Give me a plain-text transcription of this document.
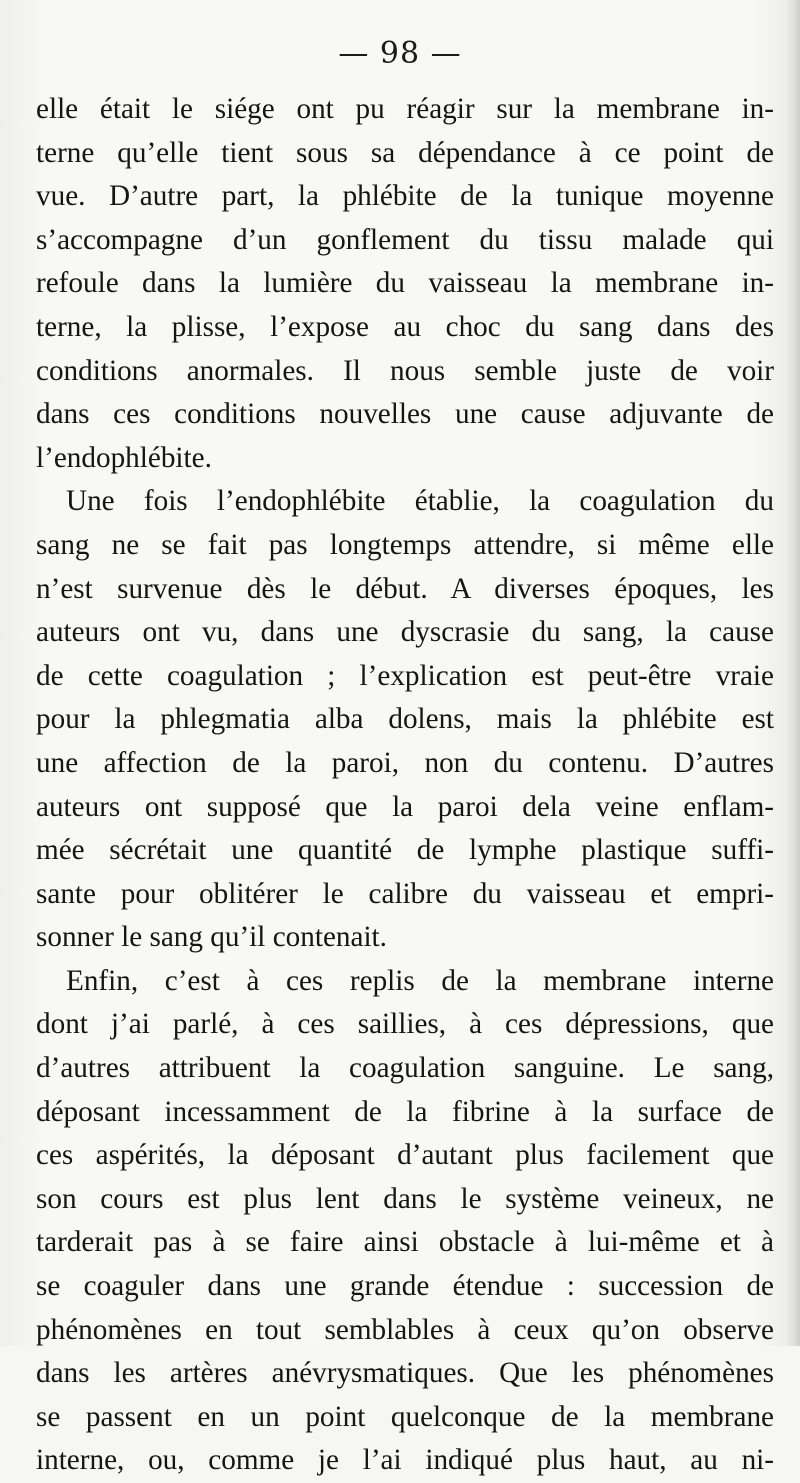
— 98 —
elle était le siége ont pu réagir sur la membrane in-
terne qu’elle tient sous sa dépendance à ce point de
vue. D’autre part, la phlébite de la tunique moyenne
s’accompagne d’un gonflement du tissu malade qui
refoule dans la lumière du vaisseau la membrane in-
terne, la plisse, l’expose au choc du sang dans des
conditions anormales. Il nous semble juste de voir
dans ces conditions nouvelles une cause adjuvante de
l’endophlébite.
Une fois l’endophlébite établie, la coagulation du
sang ne se fait pas longtemps attendre, si même elle
n’est survenue dès le début. A diverses époques, les
auteurs ont vu, dans une dyscrasie du sang, la cause
de cette coagulation ; l’explication est peut-être vraie
pour la phlegmatia alba dolens, mais la phlébite est
une affection de la paroi, non du contenu. D’autres
auteurs ont supposé que la paroi dela veine enflam-
mée sécrétait une quantité de lymphe plastique suffi-
sante pour oblitérer le calibre du vaisseau et empri-
sonner le sang qu’il contenait.
Enfin, c’est à ces replis de la membrane interne
dont j’ai parlé, à ces saillies, à ces dépressions, que
d’autres attribuent la coagulation sanguine. Le sang,
déposant incessamment de la fibrine à la surface de
ces aspérités, la déposant d’autant plus facilement que
son cours est plus lent dans le système veineux, ne
tarderait pas à se faire ainsi obstacle à lui-même et à
se coaguler dans une grande étendue : succession de
phénomènes en tout semblables à ceux qu’on observe
dans les artères anévrysmatiques. Que les phénomènes
se passent en un point quelconque de la membrane
interne, ou, comme je l’ai indiqué plus haut, au ni-
